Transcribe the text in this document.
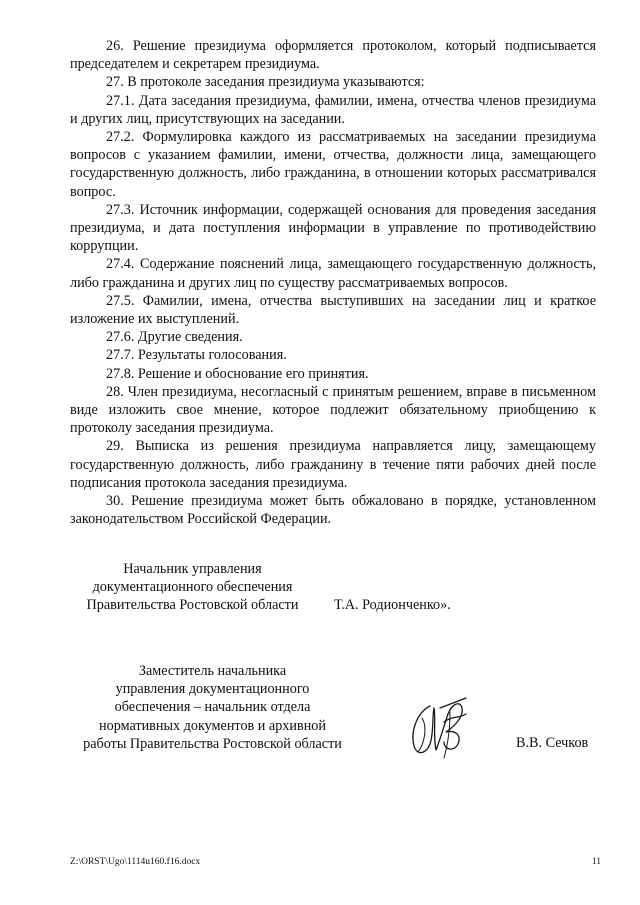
26. Решение президиума оформляется протоколом, который подписывается председателем и секретарем президиума.

27. В протоколе заседания президиума указываются:

27.1. Дата заседания президиума, фамилии, имена, отчества членов президиума и других лиц, присутствующих на заседании.

27.2. Формулировка каждого из рассматриваемых на заседании президиума вопросов с указанием фамилии, имени, отчества, должности лица, замещающего государственную должность, либо гражданина, в отношении которых рассматривался вопрос.

27.3. Источник информации, содержащей основания для проведения заседания президиума, и дата поступления информации в управление по противодействию коррупции.

27.4. Содержание пояснений лица, замещающего государственную должность, либо гражданина и других лиц по существу рассматриваемых вопросов.

27.5. Фамилии, имена, отчества выступивших на заседании лиц и краткое изложение их выступлений.

27.6. Другие сведения.

27.7. Результаты голосования.

27.8. Решение и обоснование его принятия.

28. Член президиума, несогласный с принятым решением, вправе в письменном виде изложить свое мнение, которое подлежит обязательному приобщению к протоколу заседания президиума.

29. Выписка из решения президиума направляется лицу, замещающему государственную должность, либо гражданину в течение пяти рабочих дней после подписания протокола заседания президиума.

30. Решение президиума может быть обжаловано в порядке, установленном законодательством Российской Федерации.

Начальник управления
документационного обеспечения
Правительства Ростовской области	Т.А. Родионченко».
Заместитель начальника
управления документационного
обеспечения – начальник отдела
нормативных документов и архивной
работы Правительства Ростовской области	В.В. Сечков
Z:\ORST\Ugo\1114u160.f16.docx	11
